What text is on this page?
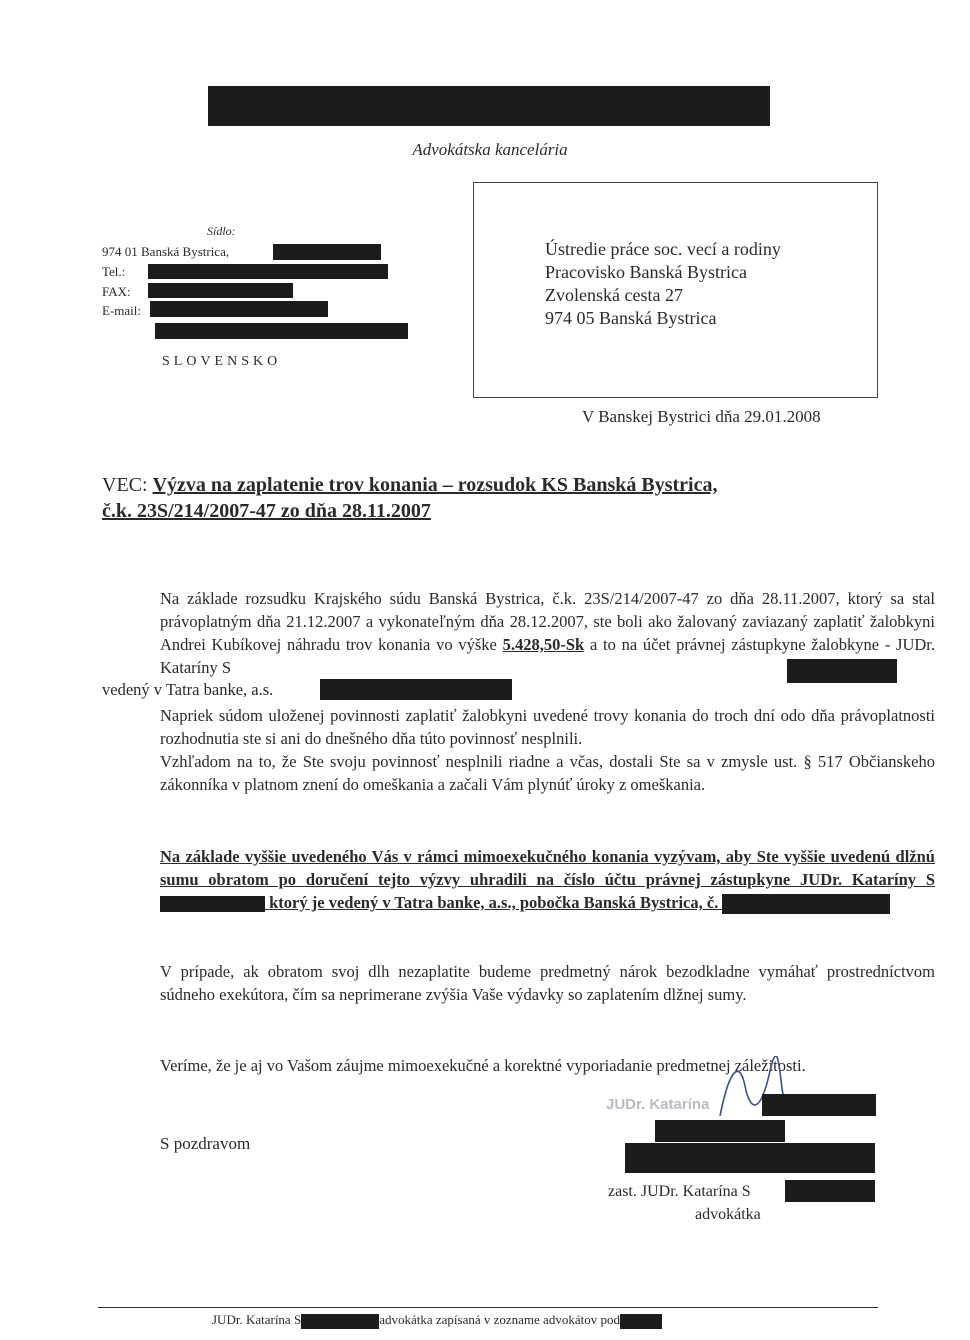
Advokátska kancelária
Sídlo:
974 01 Banská Bystrica,
Tel.:
FAX:
E-mail:
SLOVENSKO
Ústredie práce soc. vecí a rodiny
Pracovisko Banská Bystrica
Zvolenská cesta 27
974 05 Banská Bystrica
V Banskej Bystrici dňa 29.01.2008
VEC: Výzva na zaplatenie trov konania – rozsudok KS Banská Bystrica,
č.k. 23S/214/2007-47 zo dňa 28.11.2007

Na základe rozsudku Krajského súdu Banská Bystrica, č.k. 23S/214/2007-47 zo dňa 28.11.2007, ktorý sa stal právoplatným dňa 21.12.2007 a vykonateľným dňa 28.12.2007, ste boli ako žalovaný zaviazaný zaplatiť žalobkyni Andrei Kubíkovej náhradu trov konania vo výške 5.428,50-Sk a to na účet právnej zástupkyne žalobkyne - JUDr. Kataríny S

vedený v Tatra banke, a.s.

Napriek súdom uloženej povinnosti zaplatiť žalobkyni uvedené trovy konania do troch dní odo dňa právoplatnosti rozhodnutia ste si ani do dnešného dňa túto povinnosť nesplnili.

Vzhľadom na to, že Ste svoju povinnosť nesplnili riadne a včas, dostali Ste sa v zmysle ust. § 517 Občianskeho zákonníka v platnom znení do omeškania a začali Vám plynúť úroky z omeškania.

Na základe vyššie uvedeného Vás v rámci mimoexekučného konania vyzývam, aby Ste vyššie uvedenú dlžnú sumu obratom po doručení tejto výzvy uhradili na číslo účtu právnej zástupkyne JUDr. Kataríny S  ktorý je vedený v Tatra banke, a.s., pobočka Banská Bystrica, č.

V prípade, ak obratom svoj dlh nezaplatite budeme predmetný nárok bezodkladne vymáhať prostredníctvom súdneho exekútora, čím sa neprimerane zvýšia Vaše výdavky so zaplatením dlžnej sumy.

Veríme, že je aj vo Vašom záujme mimoexekučné a korektné vyporiadanie predmetnej záležitosti.

S pozdravom
JUDr. Katarína
zast. JUDr. Katarína S
advokátka
JUDr. Katarína S	advokátka zapísaná v zozname advokátov pod
